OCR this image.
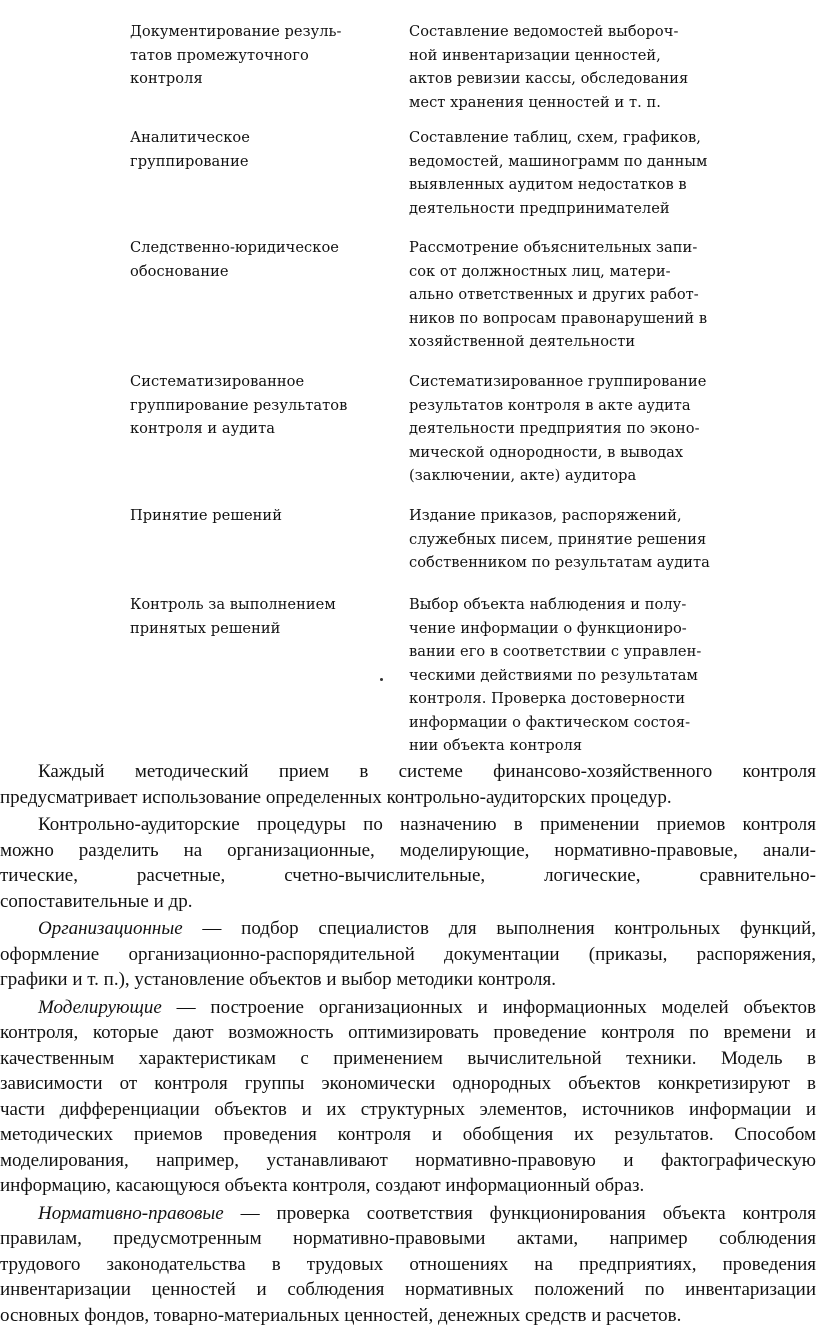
Документирование резуль-
татов промежуточного
контроля
Составление ведомостей выбороч-
ной инвентаризации ценностей,
актов ревизии кассы, обследования
мест хранения ценностей и т. п.
Аналитическое
группирование
Составление таблиц, схем, графиков,
ведомостей, машинограмм по данным
выявленных аудитом недостатков в
деятельности предпринимателей
Следственно-юридическое
обоснование
Рассмотрение объяснительных запи-
сок от должностных лиц, матери-
ально ответственных и других работ-
ников по вопросам правонарушений в
хозяйственной деятельности
Систематизированное
группирование результатов
контроля и аудита
Систематизированное группирование
результатов контроля в акте аудита
деятельности предприятия по эконо-
мической однородности, в выводах
(заключении, акте) аудитора
Принятие решений	Издание приказов, распоряжений,
служебных писем, принятие решения
собственником по результатам аудита
Контроль за выполнением
принятых решений
Выбор объекта наблюдения и полу-
чение информации о функциониро-
вании его в соответствии с управлен-
ческими действиями по результатам
контроля. Проверка достоверности
информации о фактическом состоя-
нии объекта контроля
Каждый методический прием в системе финансово-хозяйственного контроля
предусматривает использование определенных контрольно-аудиторских процедур.
Контрольно-аудиторские процедуры по назначению в применении приемов контроля
можно разделить на организационные, моделирующие, нормативно-правовые, анали-
тические, расчетные, счетно-вычислительные, логические, сравнительно-
сопоставительные и др.
Организационные — подбор специалистов для выполнения контрольных функций,
оформление организационно-распорядительной документации (приказы, распоряжения,
графики и т. п.), установление объектов и выбор методики контроля.
Моделирующие — построение организационных и информационных моделей объектов
контроля, которые дают возможность оптимизировать проведение контроля по времени и
качественным характеристикам с применением вычислительной техники. Модель в
зависимости от контроля группы экономически однородных объектов конкретизируют в
части дифференциации объектов и их структурных элементов, источников информации и
методических приемов проведения контроля и обобщения их результатов. Способом
моделирования, например, устанавливают нормативно-правовую и фактографическую
информацию, касающуюся объекта контроля, создают информационный образ.
Нормативно-правовые — проверка соответствия функционирования объекта контроля
правилам, предусмотренным нормативно-правовыми актами, например соблюдения
трудового законодательства в трудовых отношениях на предприятиях, проведения
инвентаризации ценностей и соблюдения нормативных положений по инвентаризации
основных фондов, товарно-материальных ценностей, денежных средств и расчетов.
